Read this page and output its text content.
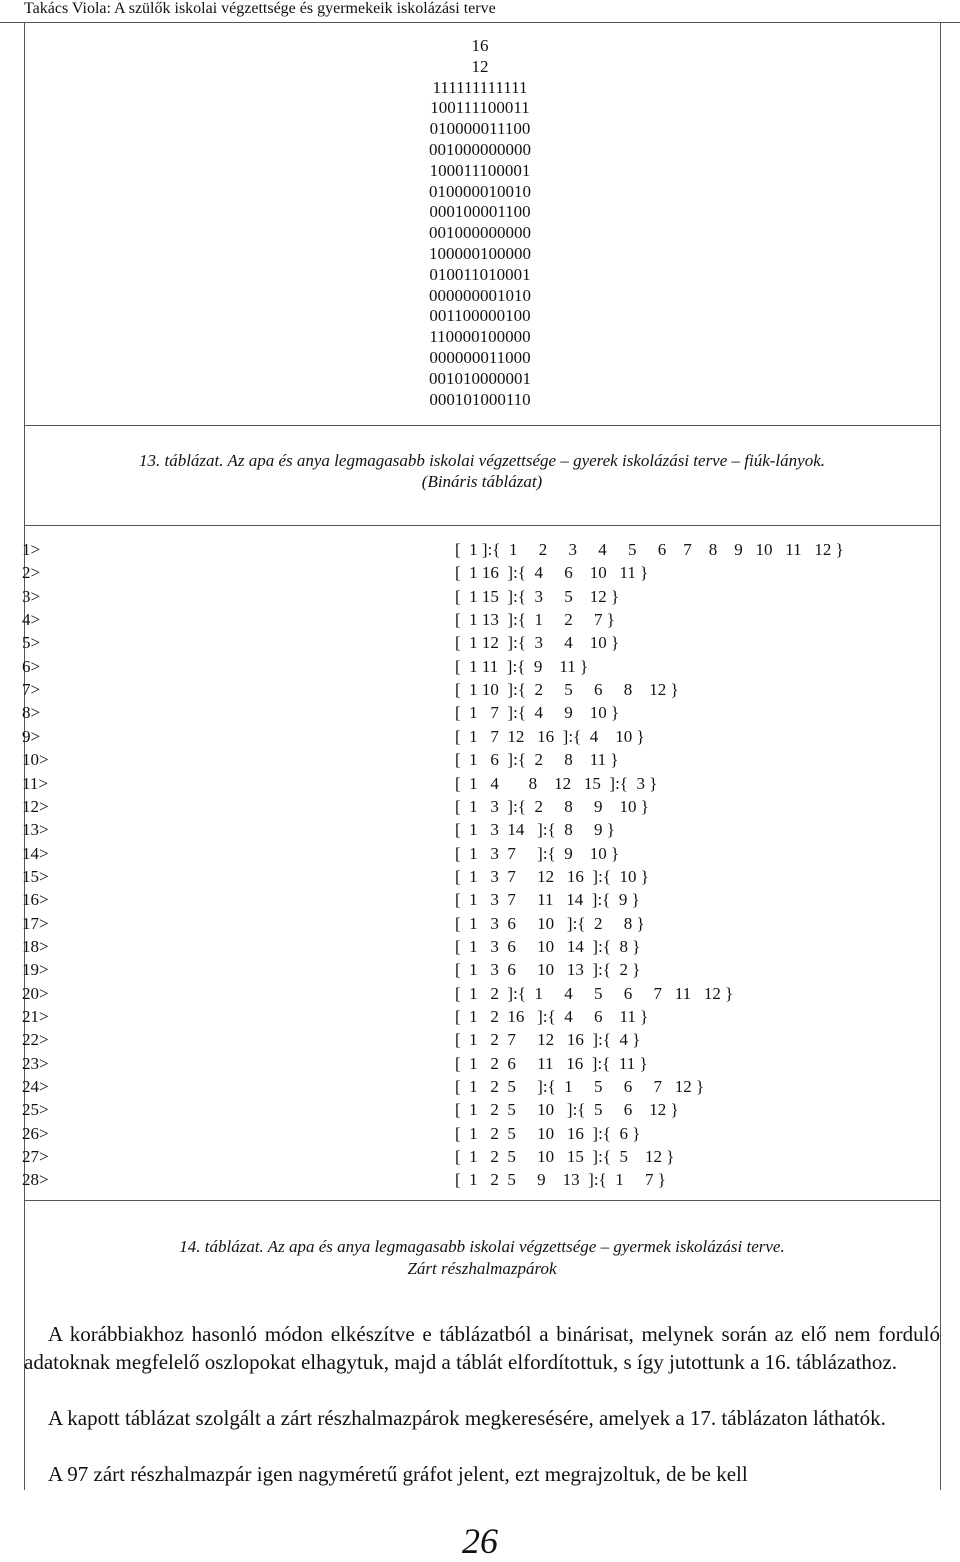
Takács Viola: A szülők iskolai végzettsége és gyermekeik iskolázási terve
16
12
111111111111
100111100011
010000011100
001000000000
100011100001
010000010010
000100001100
001000000000
100000100000
010011010001
000000001010
001100000100
110000100000
000000011000
001010000001
000101000110
13. táblázat. Az apa és anya legmagasabb iskolai végzettsége – gyerek iskolázási terve – fiúk-lányok.
(Bináris táblázat)
1>	[  1 ]:{  1     2     3     4     5     6    7    8    9   10   11   12 }
2>	[  1 16  ]:{  4     6    10   11 }
3>	[  1 15  ]:{  3     5    12 }
4>	[  1 13  ]:{  1     2     7 }
5>	[  1 12  ]:{  3     4    10 }
6>	[  1 11  ]:{  9    11 }
7>	[  1 10  ]:{  2     5     6     8    12 }
8>	[  1   7  ]:{  4     9    10 }
9>	[  1   7  12   16  ]:{  4    10 }
10>	[  1   6  ]:{  2     8    11 }
11>	[  1   4       8    12   15  ]:{  3 }
12>	[  1   3  ]:{  2     8     9    10 }
13>	[  1   3  14   ]:{  8     9 }
14>	[  1   3  7     ]:{  9    10 }
15>	[  1   3  7     12   16  ]:{  10 }
16>	[  1   3  7     11   14  ]:{  9 }
17>	[  1   3  6     10   ]:{  2     8 }
18>	[  1   3  6     10   14  ]:{  8 }
19>	[  1   3  6     10   13  ]:{  2 }
20>	[  1   2  ]:{  1     4     5     6     7   11   12 }
21>	[  1   2  16   ]:{  4     6    11 }
22>	[  1   2  7     12   16  ]:{  4 }
23>	[  1   2  6     11   16  ]:{  11 }
24>	[  1   2  5     ]:{  1     5     6     7   12 }
25>	[  1   2  5     10   ]:{  5     6    12 }
26>	[  1   2  5     10   16  ]:{  6 }
27>	[  1   2  5     10   15  ]:{  5    12 }
28>	[  1   2  5     9    13  ]:{  1     7 }
14. táblázat. Az apa és anya legmagasabb iskolai végzettsége – gyermek iskolázási terve.
Zárt részhalmazpárok
A korábbiakhoz hasonló módon elkészítve e táblázatból a binárisat, melynek során az elő nem forduló adatoknak megfelelő oszlopokat elhagytuk, majd a táblát elfordítottuk, s így jutottunk a 16. táblázathoz.
A kapott táblázat szolgált a zárt részhalmazpárok megkeresésére, amelyek a 17. táblázaton láthatók.
A 97 zárt részhalmazpár igen nagyméretű gráfot jelent, ezt megrajzoltuk, de be kell
26
